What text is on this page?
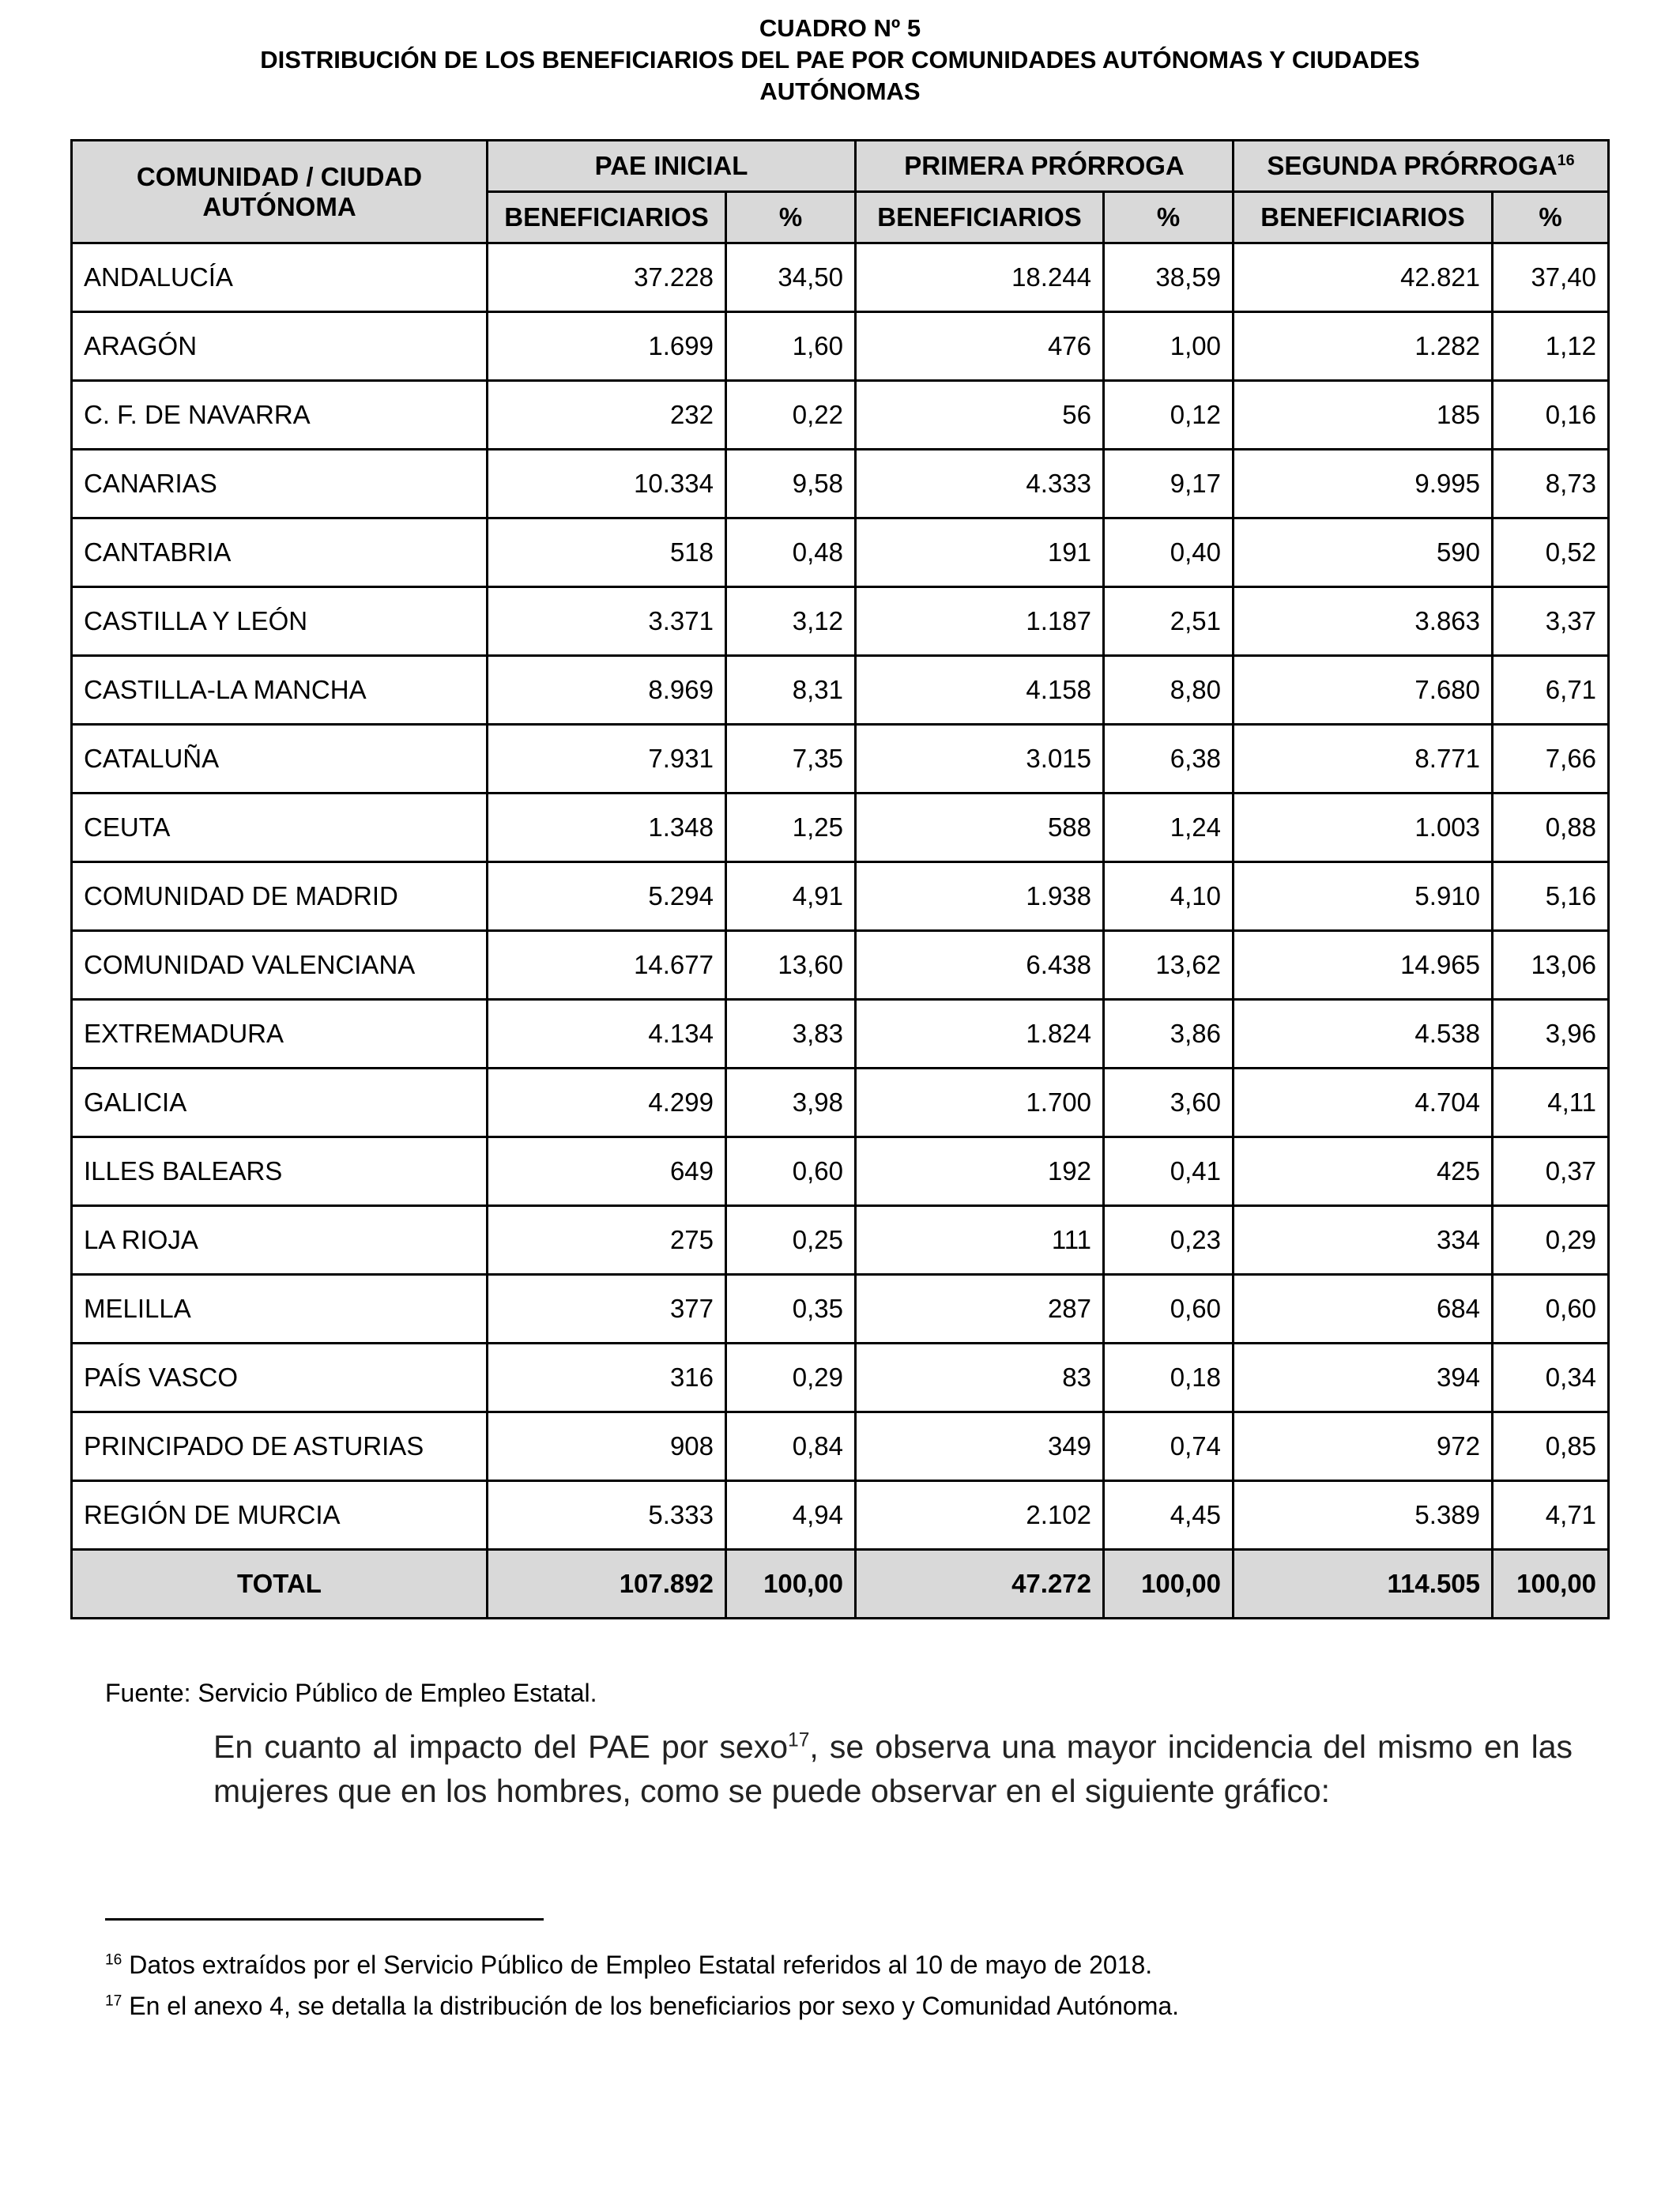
CUADRO Nº 5
DISTRIBUCIÓN DE LOS BENEFICIARIOS DEL PAE POR COMUNIDADES AUTÓNOMAS Y CIUDADES
AUTÓNOMAS
COMUNIDAD / CIUDAD AUTÓNOMA	PAE INICIAL		PRIMERA PRÓRROGA		SEGUNDA PRÓRROGA$^{16}$
	BENEFICIARIOS	%	BENEFICIARIOS	%	BENEFICIARIOS	%
ANDALUCÍA	37.228	34,50	18.244	38,59	42.821	37,40
ARAGÓN	1.699	1,60	476	1,00	1.282	1,12
C. F. DE NAVARRA	232	0,22	56	0,12	185	0,16
CANARIAS	10.334	9,58	4.333	9,17	9.995	8,73
CANTABRIA	518	0,48	191	0,40	590	0,52
CASTILLA Y LEÓN	3.371	3,12	1.187	2,51	3.863	3,37
CASTILLA-LA MANCHA	8.969	8,31	4.158	8,80	7.680	6,71
CATALUÑA	7.931	7,35	3.015	6,38	8.771	7,66
CEUTA	1.348	1,25	588	1,24	1.003	0,88
COMUNIDAD DE MADRID	5.294	4,91	1.938	4,10	5.910	5,16
COMUNIDAD VALENCIANA	14.677	13,60	6.438	13,62	14.965	13,06
EXTREMADURA	4.134	3,83	1.824	3,86	4.538	3,96
GALICIA	4.299	3,98	1.700	3,60	4.704	4,11
ILLES BALEARS	649	0,60	192	0,41	425	0,37
LA RIOJA	275	0,25	111	0,23	334	0,29
MELILLA	377	0,35	287	0,60	684	0,60
PAÍS VASCO	316	0,29	83	0,18	394	0,34
PRINCIPADO DE ASTURIAS	908	0,84	349	0,74	972	0,85
REGIÓN DE MURCIA	5.333	4,94	2.102	4,45	5.389	4,71
TOTAL	107.892	100,00	47.272	100,00	114.505	100,00
Fuente: Servicio Público de Empleo Estatal.
En cuanto al impacto del PAE por sexo$^{17}$, se observa una mayor incidencia del mismo en las mujeres que en los hombres, como se puede observar en el siguiente gráfico:
$^{16}$ Datos extraídos por el Servicio Público de Empleo Estatal referidos al 10 de mayo de 2018.
$^{17}$ En el anexo 4, se detalla la distribución de los beneficiarios por sexo y Comunidad Autónoma.
